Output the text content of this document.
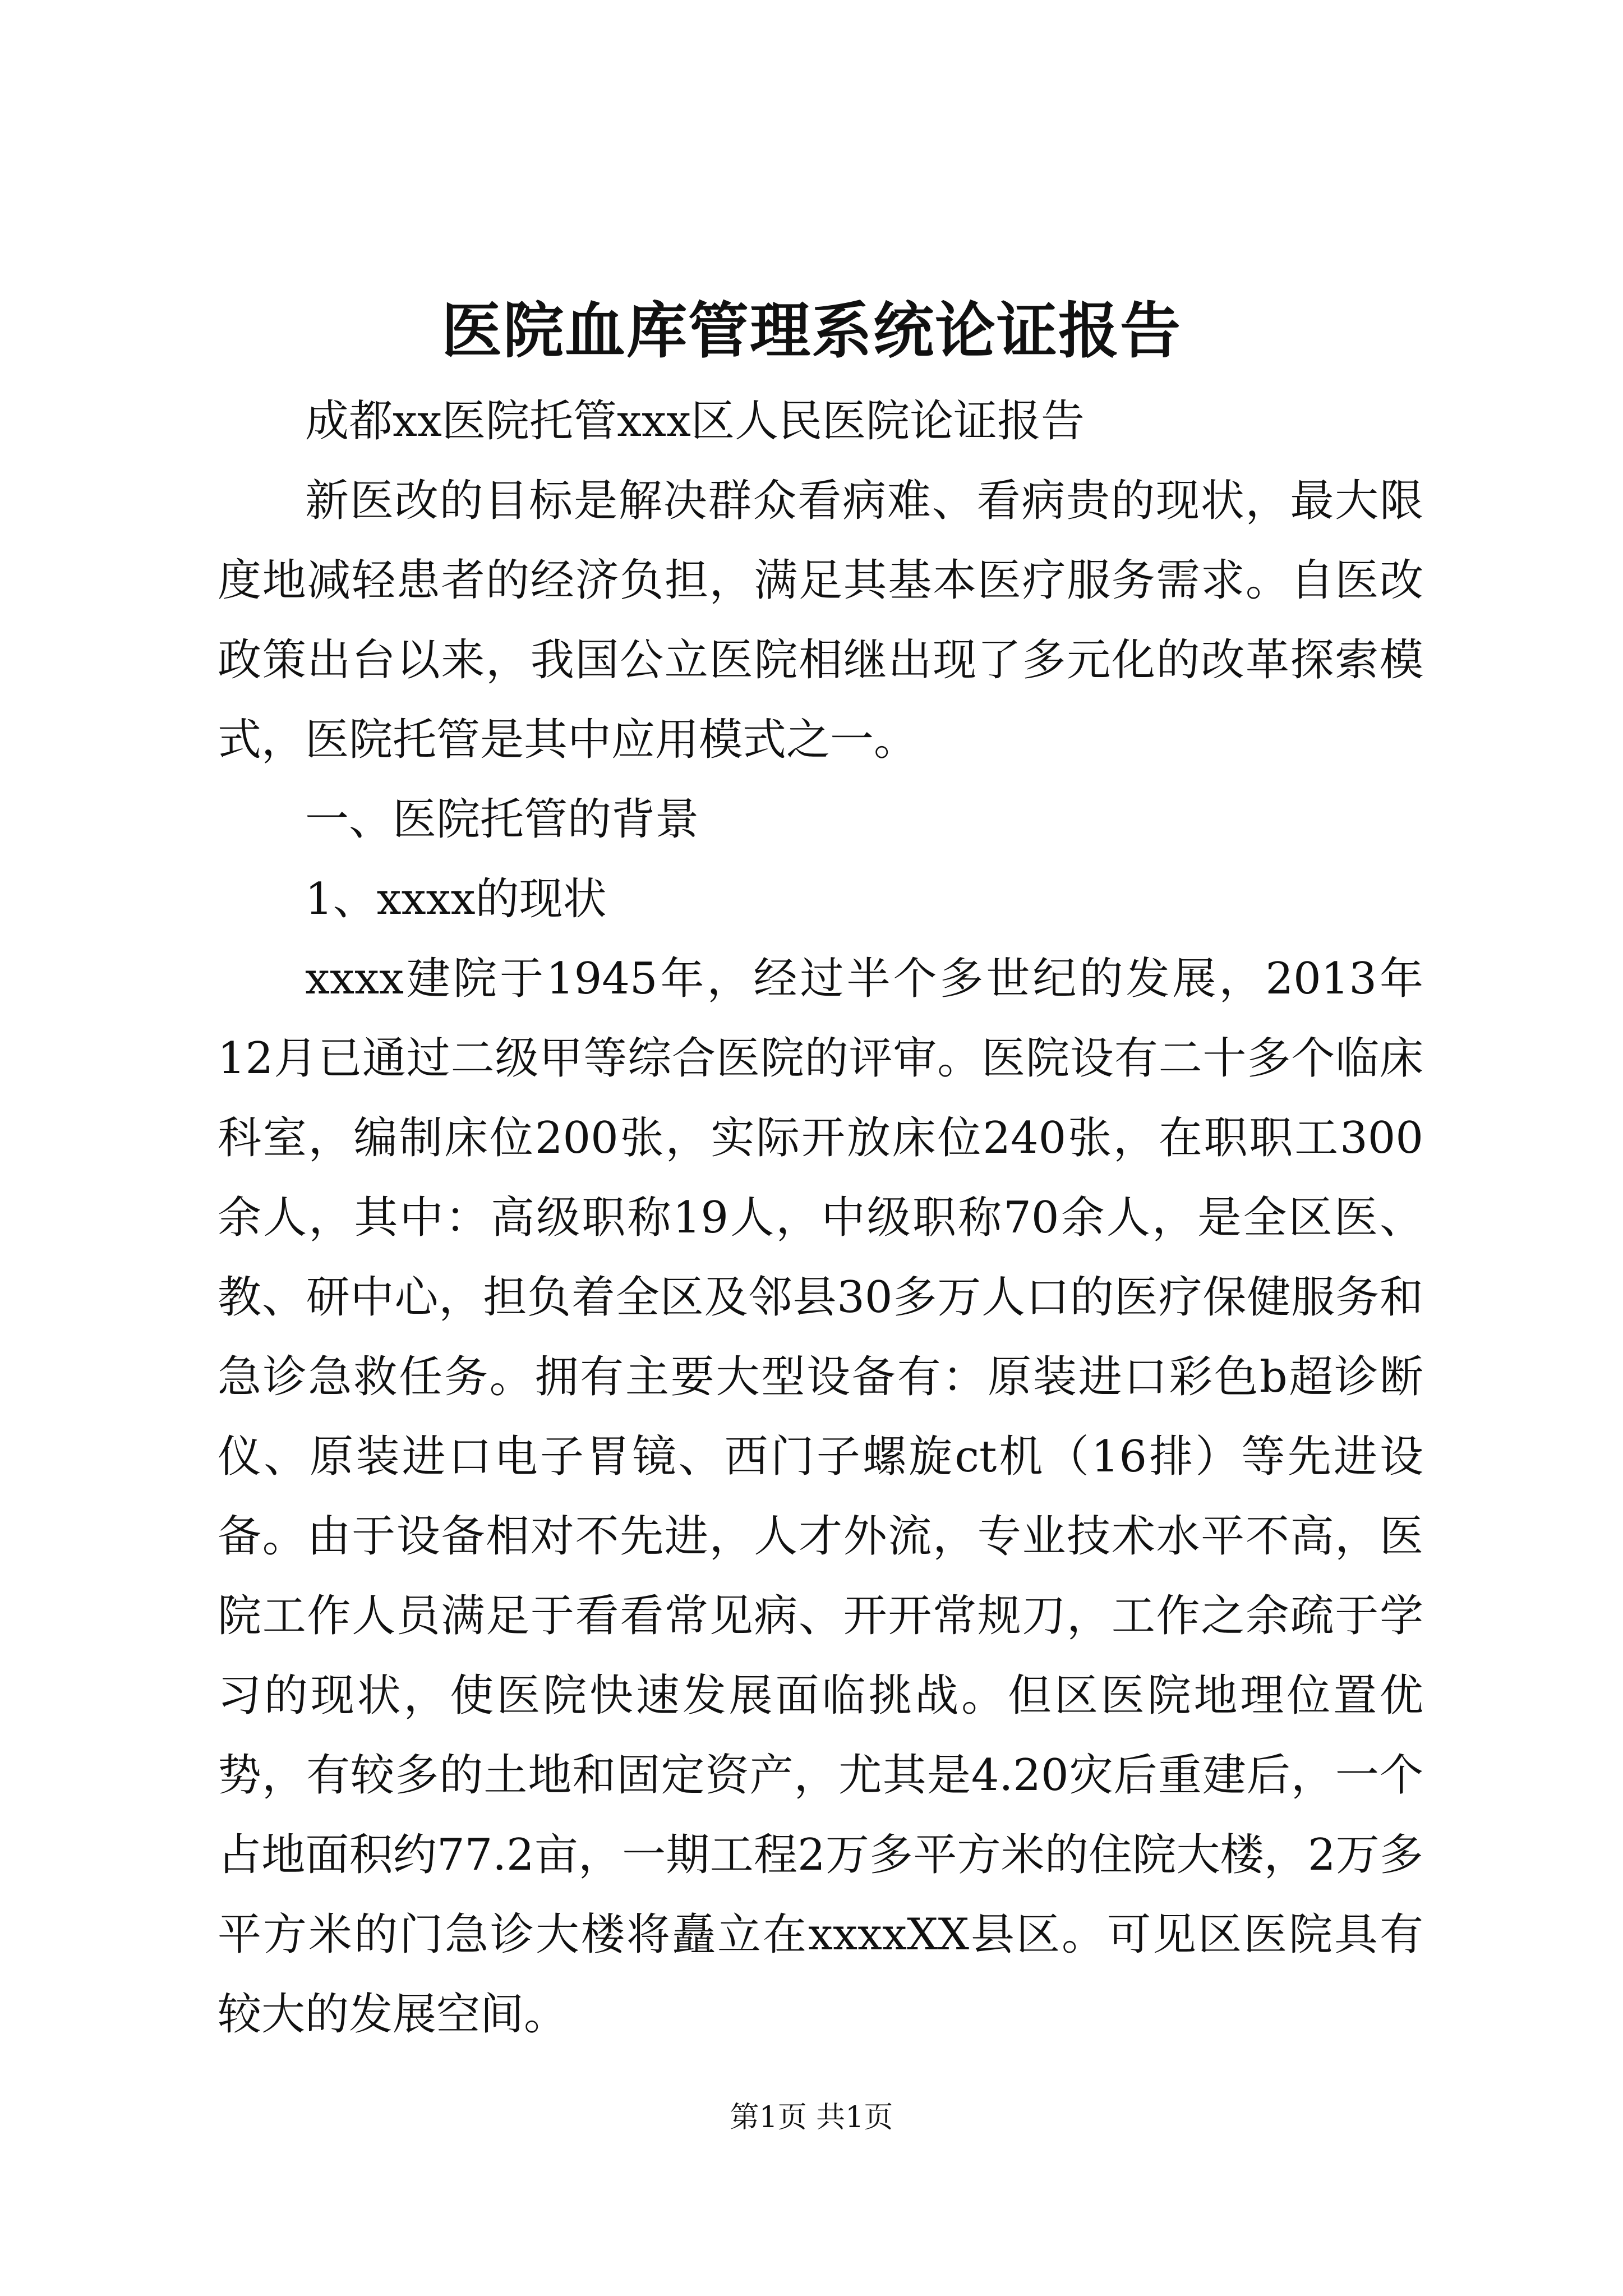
医院血库管理系统论证报告

成都xx医院托管xxx区人民医院论证报告

新医改的目标是解决群众看病难、看病贵的现状，最大限度地减轻患者的经济负担，满足其基本医疗服务需求。自医改政策出台以来，我国公立医院相继出现了多元化的改革探索模式，医院托管是其中应用模式之一。

一、医院托管的背景

1、xxxx的现状

xxxx建院于1945年，经过半个多世纪的发展，2013年12月已通过二级甲等综合医院的评审。医院设有二十多个临床科室，编制床位200张，实际开放床位240张，在职职工300余人，其中：高级职称19人，中级职称70余人，是全区医、教、研中心，担负着全区及邻县30多万人口的医疗保健服务和急诊急救任务。拥有主要大型设备有：原装进口彩色b超诊断仪、原装进口电子胃镜、西门子螺旋ct机（16排）等先进设备。由于设备相对不先进，人才外流，专业技术水平不高，医院工作人员满足于看看常见病、开开常规刀，工作之余疏于学习的现状，使医院快速发展面临挑战。但区医院地理位置优势，有较多的土地和固定资产，尤其是4.20灾后重建后，一个占地面积约77.2亩，一期工程2万多平方米的住院大楼，2万多平方米的门急诊大楼将矗立在xxxxXX县区。可见区医院具有较大的发展空间。

第1页 共1页
